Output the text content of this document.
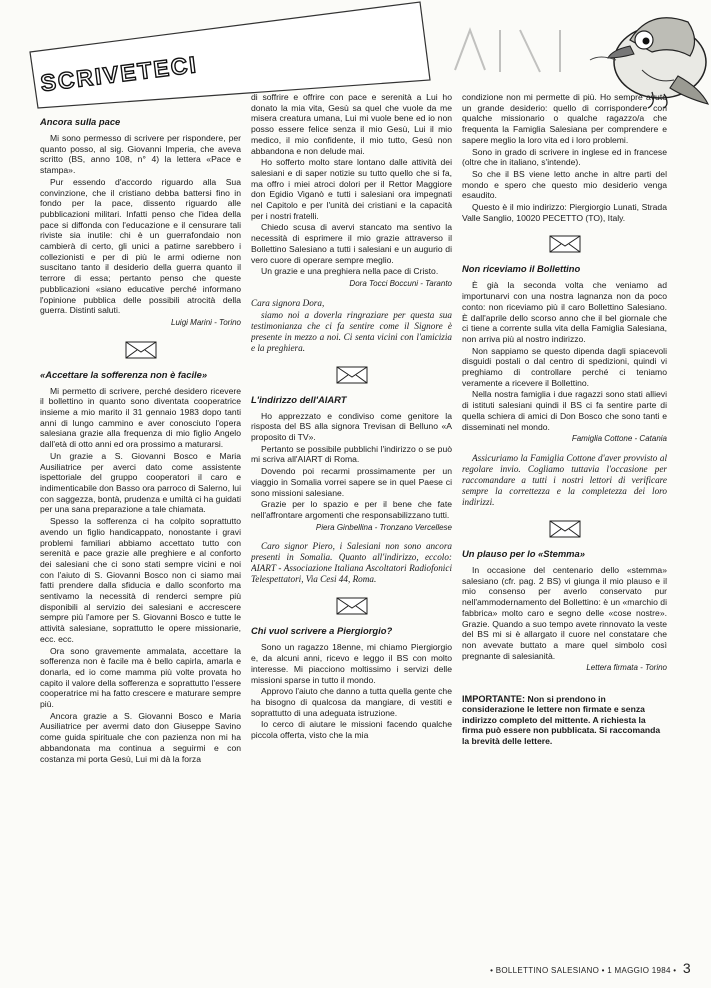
SCRIVETECI
Ancora sulla pace

Mi sono permesso di scrivere per rispondere, per quanto posso, al sig. Giovanni Imperia, che aveva scritto (BS, anno 108, n° 4) la lettera «Pace e stampa».

Pur essendo d'accordo riguardo alla Sua convinzione, che il cristiano debba battersi fino in fondo per la pace, dissento riguardo alle pubblicazioni militari. Infatti penso che l'idea della pace si diffonda con l'educazione e il censurare tali riviste sia inutile: chi è un guerrafondaio non cambierà di certo, gli unici a patirne sarebbero i collezionisti e per di più le armi odierne non suscitano tanto il desiderio della guerra quanto il terrore di essa; pertanto penso che queste pubblicazioni «siano educative perché informano l'opinione pubblica delle possibili atrocità della guerra. Distinti saluti.

Luigi Marini - Torino
«Accettare la sofferenza non è facile»

Mi permetto di scrivere, perché desidero ricevere il bollettino in quanto sono diventata cooperatrice insieme a mio marito il 31 gennaio 1983 dopo tanti anni di lungo cammino e aver conosciuto l'opera salesiana grazie alla frequenza di mio figlio Angelo dall'età di otto anni ed ora prossimo a maturarsi.

Un grazie a S. Giovanni Bosco e Maria Ausiliatrice per averci dato come assistente ispettoriale del gruppo cooperatori il caro e indimenticabile don Basso ora parroco di Salerno, lui con saggezza, bontà, prudenza e umiltà ci ha guidati per una sana preparazione a tale chiamata.

Spesso la sofferenza ci ha colpito soprattutto avendo un figlio handicappato, nonostante i gravi problemi familiari abbiamo accettato tutto con serenità e pace grazie alle preghiere e al conforto dei salesiani che ci sono stati sempre vicini e noi con l'aiuto di S. Giovanni Bosco non ci siamo mai fatti prendere dalla sfiducia e dallo sconforto ma sentivamo la necessità di renderci sempre più disponibili al servizio dei salesiani e accrescere sempre più l'amore per S. Giovanni Bosco e tutte le attività salesiane, soprattutto le opere missionarie, ecc. ecc.

Ora sono gravemente ammalata, accettare la sofferenza non è facile ma è bello capirla, amarla e donarla, ed io come mamma più volte provata ho capito il valore della sofferenza e soprattutto l'essere cooperatrice mi ha fatto crescere e maturare sempre più.

Ancora grazie a S. Giovanni Bosco e Maria Ausiliatrice per avermi dato don Giuseppe Savino come guida spirituale che con pazienza non mi ha abbandonata ma continua a seguirmi e con costanza mi porta Gesù, Lui mi dà la forza

di soffrire e offrire con pace e serenità a Lui ho donato la mia vita, Gesù sa quel che vuole da me misera creatura umana, Lui mi vuole bene ed io non posso essere felice senza il mio Gesù, Lui il mio medico, il mio confidente, il mio tutto, Gesù non abbandona e non delude mai.

Ho sofferto molto stare lontano dalle attività dei salesiani e di saper notizie su tutto quello che si fa, ma offro i miei atroci dolori per il Rettor Maggiore don Egidio Viganò e tutti i salesiani ora impegnati nel Capitolo e per l'unità dei cristiani e la capacità per i nostri fratelli.

Chiedo scusa di avervi stancato ma sentivo la necessità di esprimere il mio grazie attraverso il Bollettino Salesiano a tutti i salesiani e un augurio di vero cuore di operare sempre meglio.

Un grazie e una preghiera nella pace di Cristo.

Dora Tocci Boccuni - Taranto

Cara signora Dora,

siamo noi a doverla ringraziare per questa sua testimonianza che ci fa sentire come il Signore è presente in mezzo a noi. Ci senta vicini con l'amicizia e la preghiera.

L'indirizzo dell'AIART

Ho apprezzato e condiviso come genitore la risposta del BS alla signora Trevisan di Belluno «A proposito di TV».

Pertanto se possibile pubblichi l'indirizzo o se può mi scriva all'AIART di Roma.

Dovendo poi recarmi prossimamente per un viaggio in Somalia vorrei sapere se in quel Paese ci sono missioni salesiane.

Grazie per lo spazio e per il bene che fate nell'affrontare argomenti che responsabilizzano tutti.

Piera Ginbellina - Tronzano Vercellese

Caro signor Piero, i Salesiani non sono ancora presenti in Somalia. Quanto all'indirizzo, eccolo: AIART - Associazione Italiana Ascoltatori Radiofonici Telespettatori, Via Cesi 44, Roma.

Chi vuol scrivere a Piergiorgio?

Sono un ragazzo 18enne, mi chiamo Piergiorgio e, da alcuni anni, ricevo e leggo il BS con molto interesse. Mi piacciono moltissimo i servizi delle missioni sparse in tutto il mondo.

Approvo l'aiuto che danno a tutta quella gente che ha bisogno di qualcosa da mangiare, di vestiti e soprattutto di una adeguata istruzione.

Io cerco di aiutare le missioni facendo qualche piccola offerta, visto che la mia

condizione non mi permette di più. Ho sempre avuto un grande desiderio: quello di corrispondere con qualche missionario o qualche ragazzo/a che frequenta la Famiglia Salesiana per comprendere e sapere meglio la loro vita ed i loro problemi.

Sono in grado di scrivere in inglese ed in francese (oltre che in italiano, s'intende).

So che il BS viene letto anche in altre parti del mondo e spero che questo mio desiderio venga esaudito.

Questo è il mio indirizzo: Piergiorgio Lunati, Strada Valle Sanglio, 10020 PECETTO (TO), Italy.

Non riceviamo il Bollettino

È già la seconda volta che veniamo ad importunarvi con una nostra lagnanza non da poco conto: non riceviamo più il caro Bollettino Salesiano. È dall'aprile dello scorso anno che il bel giornale che ci tiene a corrente sulla vita della Famiglia Salesiana, non arriva più al nostro indirizzo.

Non sappiamo se questo dipenda dagli spiacevoli disguidi postali o dal centro di spedizioni, quindi vi preghiamo di controllare perché ci teniamo veramente a ricevere il Bollettino.

Nella nostra famiglia i due ragazzi sono stati allievi di istituti salesiani quindi il BS ci fa sentire parte di quella schiera di amici di Don Bosco che sono tanti e disseminati nel mondo.

Famiglia Cottone - Catania

Assicuriamo la Famiglia Cottone d'aver provvisto al regolare invio. Cogliamo tuttavia l'occasione per raccomandare a tutti i nostri lettori di verificare sempre la correttezza e la completezza dei loro indirizzi.

Un plauso per lo «Stemma»

In occasione del centenario dello «stemma» salesiano (cfr. pag. 2 BS) vi giunga il mio plauso e il mio consenso per averlo conservato pur nell'ammodernamento del Bollettino: è un «marchio di fabbrica» molto caro e segno delle «cose nostre». Grazie. Quando a suo tempo avete rinnovato la veste del BS mi si è allargato il cuore nel constatare che non avevate buttato a mare quel simbolo così pregnante di salesianità.

Lettera firmata - Torino
IMPORTANTE: Non si prendono in considerazione le lettere non firmate e senza indirizzo completo del mittente. A richiesta la firma può essere non pubblicata. Si raccomanda la brevità delle lettere.
• BOLLETTINO SALESIANO • 1 MAGGIO 1984 • 3
